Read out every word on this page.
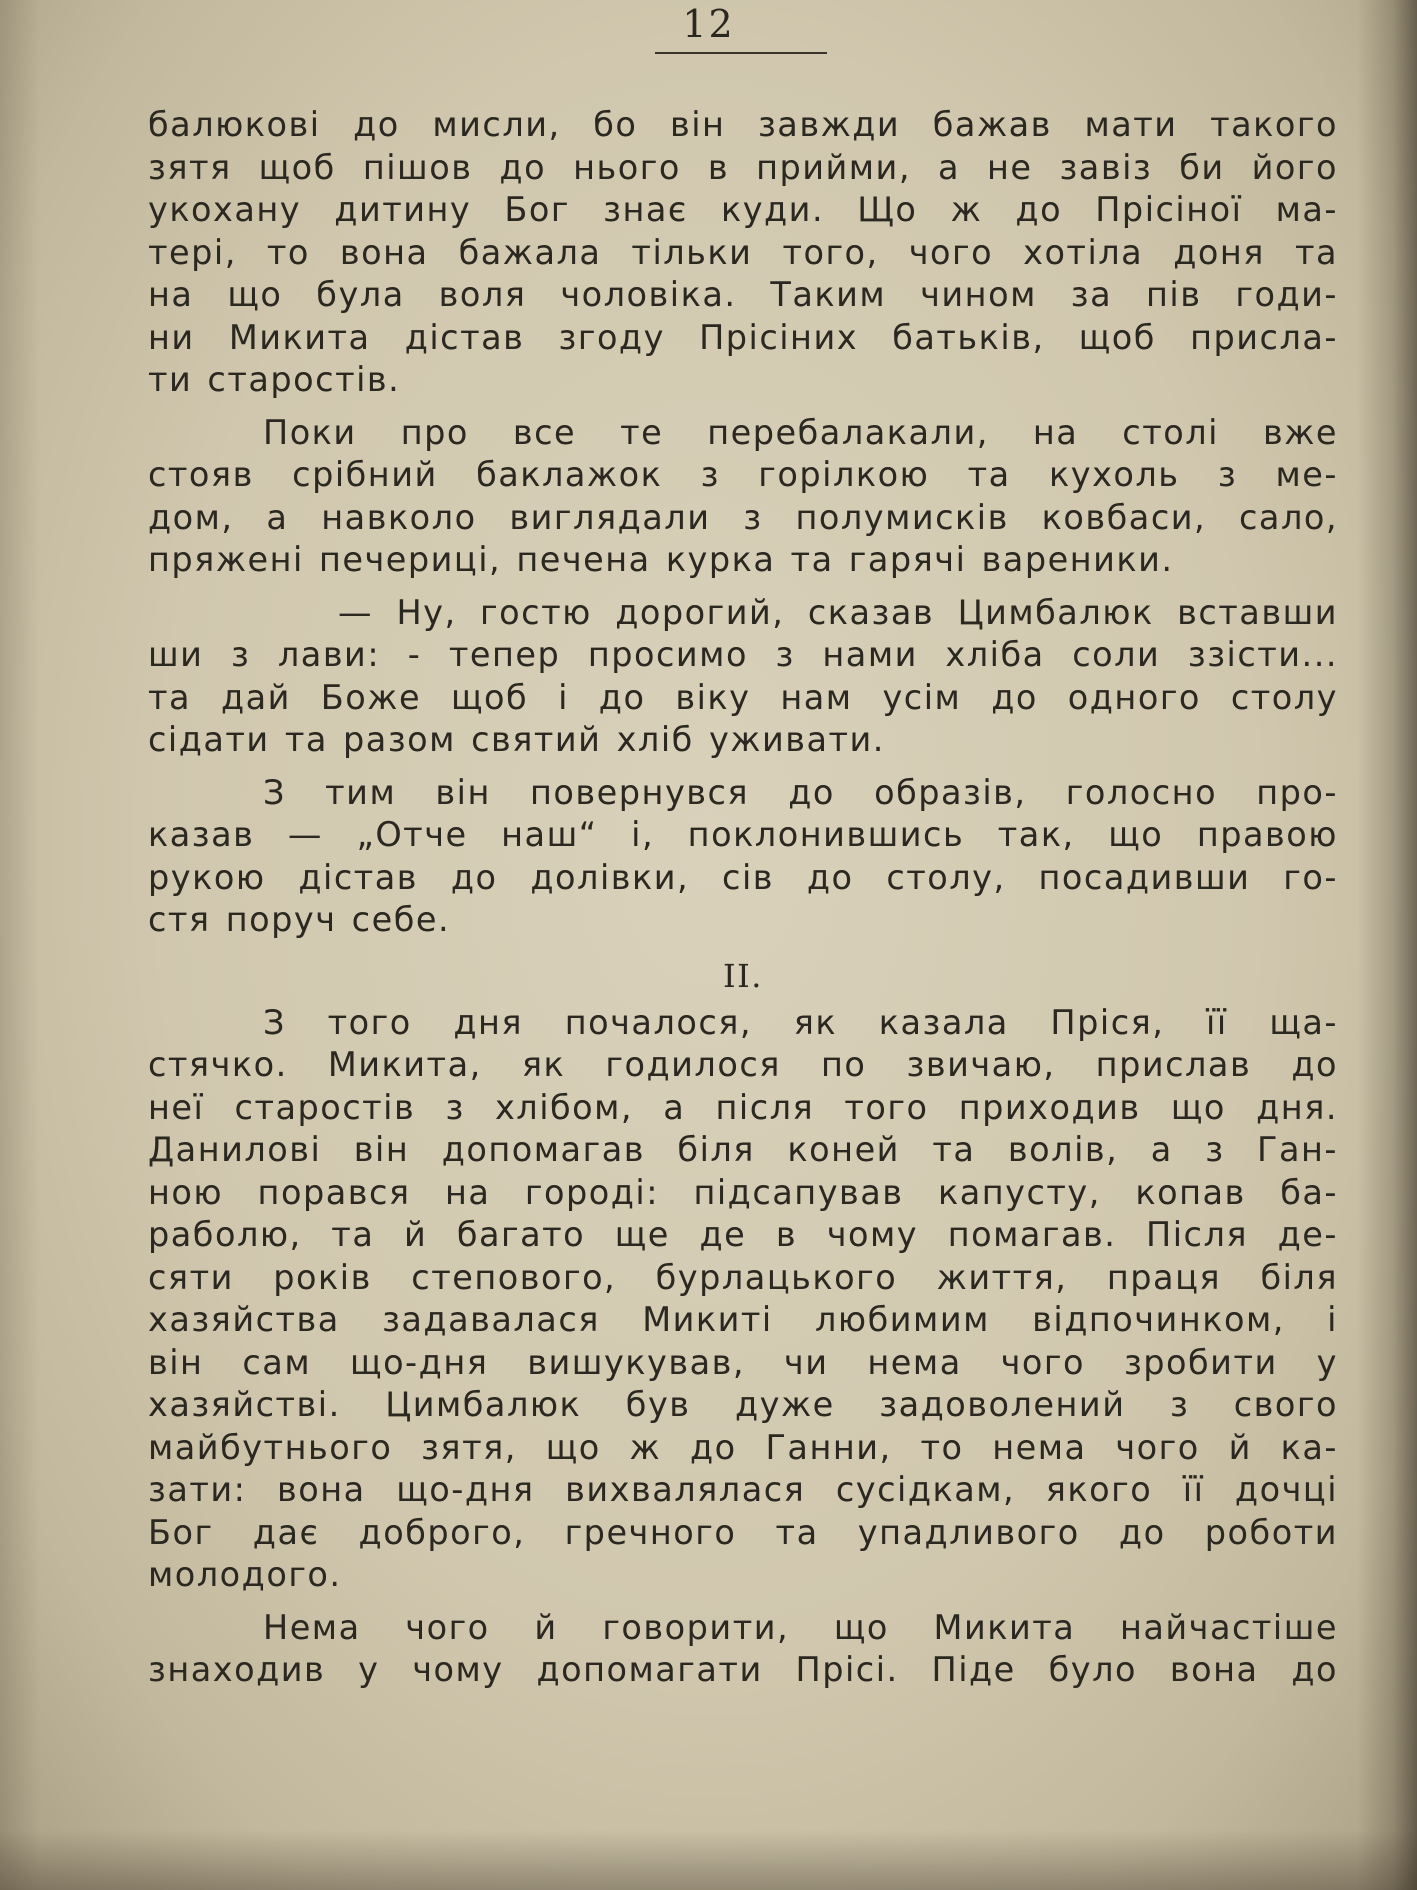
12
балюкові до мисли, бо він завжди бажав мати такого
зятя щоб пішов до нього в прийми, а не завіз би його
укохану дитину Бог знає куди. Що ж до Прісіної ма-
тері, то вона бажала тільки того, чого хотіла доня та
на що була воля чоловіка. Таким чином за пів годи-
ни Микита дістав згоду Прісіних батьків, щоб присла-
ти старостів.
Поки про все те перебалакали, на столі вже
стояв срібний баклажок з горілкою та кухоль з ме-
дом, а навколо виглядали з полумисків ковбаси, сало,
пряжені печериці, печена курка та гарячі вареники.
— Ну, гостю дорогий, сказав Цимбалюк вставши
ши з лави: - тепер просимо з нами хліба соли ззісти...
та дай Боже щоб і до віку нам усім до одного столу
сідати та разом святий хліб уживати.
З тим він повернувся до образів, голосно про-
казав — „Отче наш“ і, поклонившись так, що правою
рукою дістав до долівки, сів до столу, посадивши го-
стя поруч себе.
II.
З того дня почалося, як казала Пріся, її ща-
стячко. Микита, як годилося по звичаю, прислав до
неї старостів з хлібом, а після того приходив що дня.
Данилові він допомагав біля коней та волів, а з Ган-
ною порався на городі: підсапував капусту, копав ба-
раболю, та й багато ще де в чому помагав. Після де-
сяти років степового, бурлацького життя, праця біля
хазяйства задавалася Микиті любимим відпочинком, і
він сам що-дня вишукував, чи нема чого зробити у
хазяйстві. Цимбалюк був дуже задоволений з свого
майбутнього зятя, що ж до Ганни, то нема чого й ка-
зати: вона що-дня вихвалялася сусідкам, якого її дочці
Бог дає доброго, гречного та упадливого до роботи
молодого.
Нема чого й говорити, що Микита найчастіше
знаходив у чому допомагати Прісі. Піде було вона до
